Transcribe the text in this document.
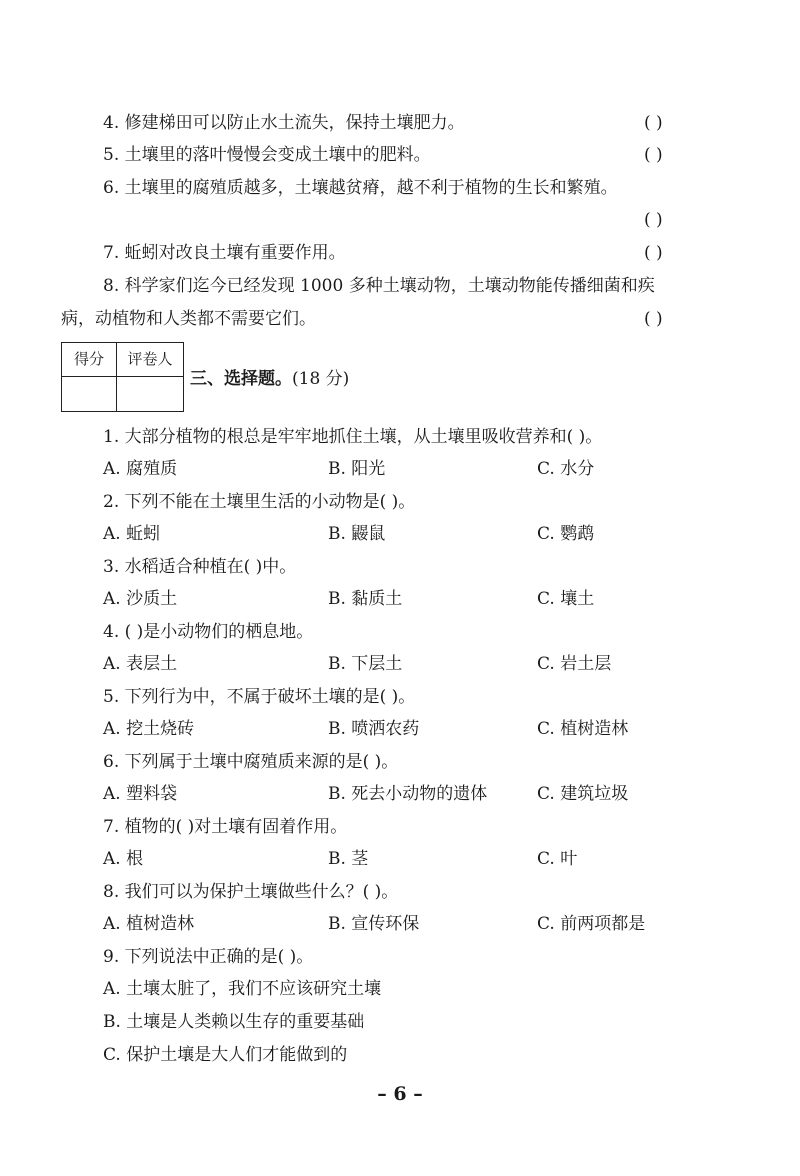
4. 修建梯田可以防止水土流失，保持土壤肥力。	( )
5. 土壤里的落叶慢慢会变成土壤中的肥料。	( )
6. 土壤里的腐殖质越多，土壤越贫瘠，越不利于植物的生长和繁殖。
( )
7. 蚯蚓对改良土壤有重要作用。	( )
8. 科学家们迄今已经发现 1000 多种土壤动物，土壤动物能传播细菌和疾
病，动植物和人类都不需要它们。	( )
得分	评卷人
三、选择题。(18 分)
1. 大部分植物的根总是牢牢地抓住土壤，从土壤里吸收营养和( )。
A. 腐殖质	B. 阳光	C. 水分
2. 下列不能在土壤里生活的小动物是( )。
A. 蚯蚓	B. 鼹鼠	C. 鹦鹉
3. 水稻适合种植在( )中。
A. 沙质土	B. 黏质土	C. 壤土
4. ( )是小动物们的栖息地。
A. 表层土	B. 下层土	C. 岩土层
5. 下列行为中，不属于破坏土壤的是( )。
A. 挖土烧砖	B. 喷洒农药	C. 植树造林
6. 下列属于土壤中腐殖质来源的是( )。
A. 塑料袋	B. 死去小动物的遗体	C. 建筑垃圾
7. 植物的( )对土壤有固着作用。
A. 根	B. 茎	C. 叶
8. 我们可以为保护土壤做些什么？( )。
A. 植树造林	B. 宣传环保	C. 前两项都是
9. 下列说法中正确的是( )。
A. 土壤太脏了，我们不应该研究土壤
B. 土壤是人类赖以生存的重要基础
C. 保护土壤是大人们才能做到的
– 6 –
